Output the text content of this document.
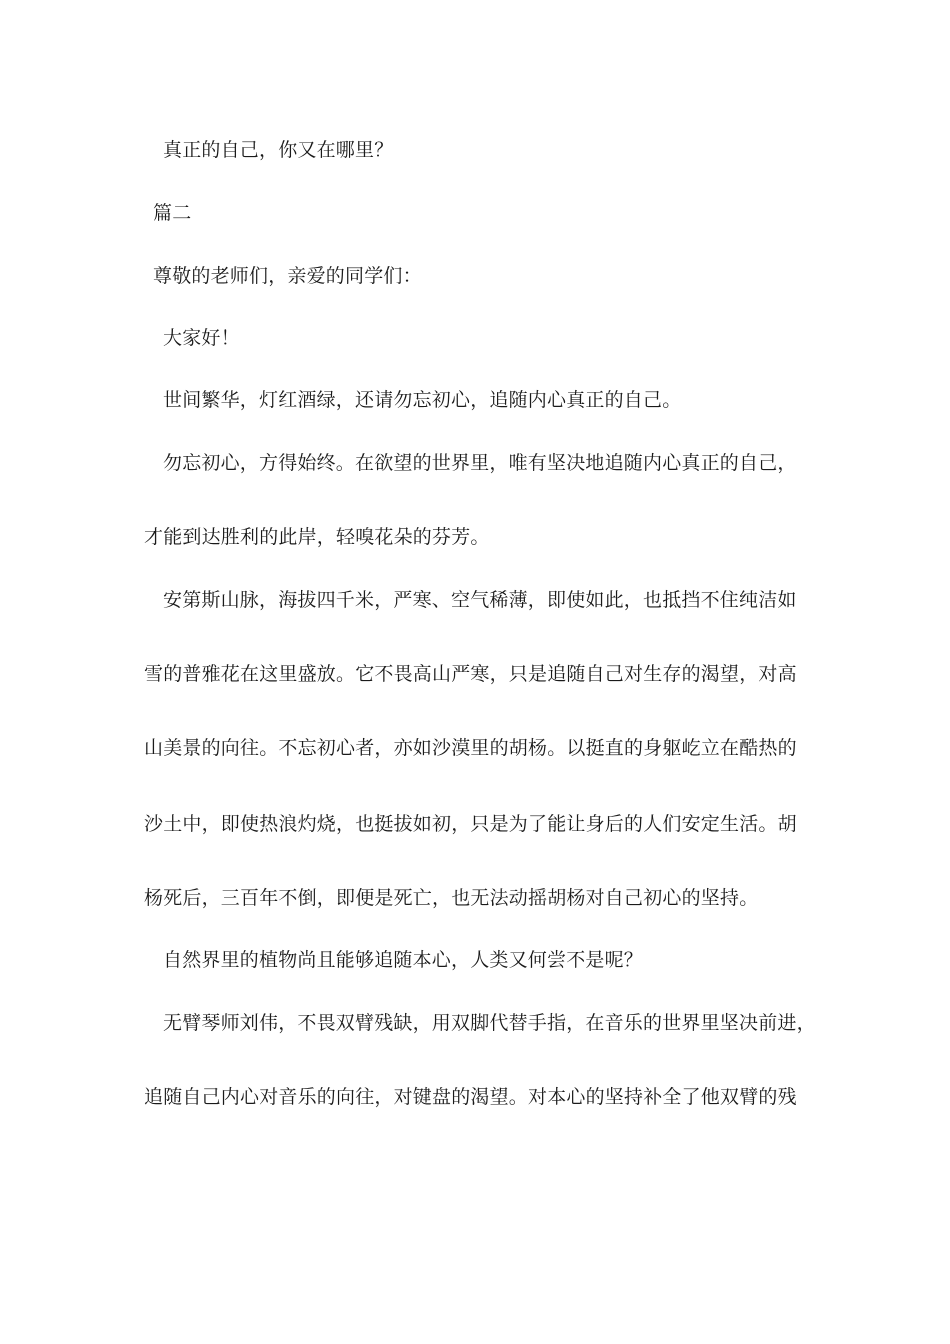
真正的自己，你又在哪里？
篇二
尊敬的老师们，亲爱的同学们：
大家好！
世间繁华，灯红酒绿，还请勿忘初心，追随内心真正的自己。
勿忘初心，方得始终。在欲望的世界里，唯有坚决地追随内心真正的自己，
才能到达胜利的此岸，轻嗅花朵的芬芳。
安第斯山脉，海拔四千米，严寒、空气稀薄，即使如此，也抵挡不住纯洁如
雪的普雅花在这里盛放。它不畏高山严寒，只是追随自己对生存的渴望，对高
山美景的向往。不忘初心者，亦如沙漠里的胡杨。以挺直的身躯屹立在酷热的
沙土中，即使热浪灼烧，也挺拔如初，只是为了能让身后的人们安定生活。胡
杨死后，三百年不倒，即便是死亡，也无法动摇胡杨对自己初心的坚持。
自然界里的植物尚且能够追随本心，人类又何尝不是呢？
无臂琴师刘伟，不畏双臂残缺，用双脚代替手指，在音乐的世界里坚决前进，
追随自己内心对音乐的向往，对键盘的渴望。对本心的坚持补全了他双臂的残
